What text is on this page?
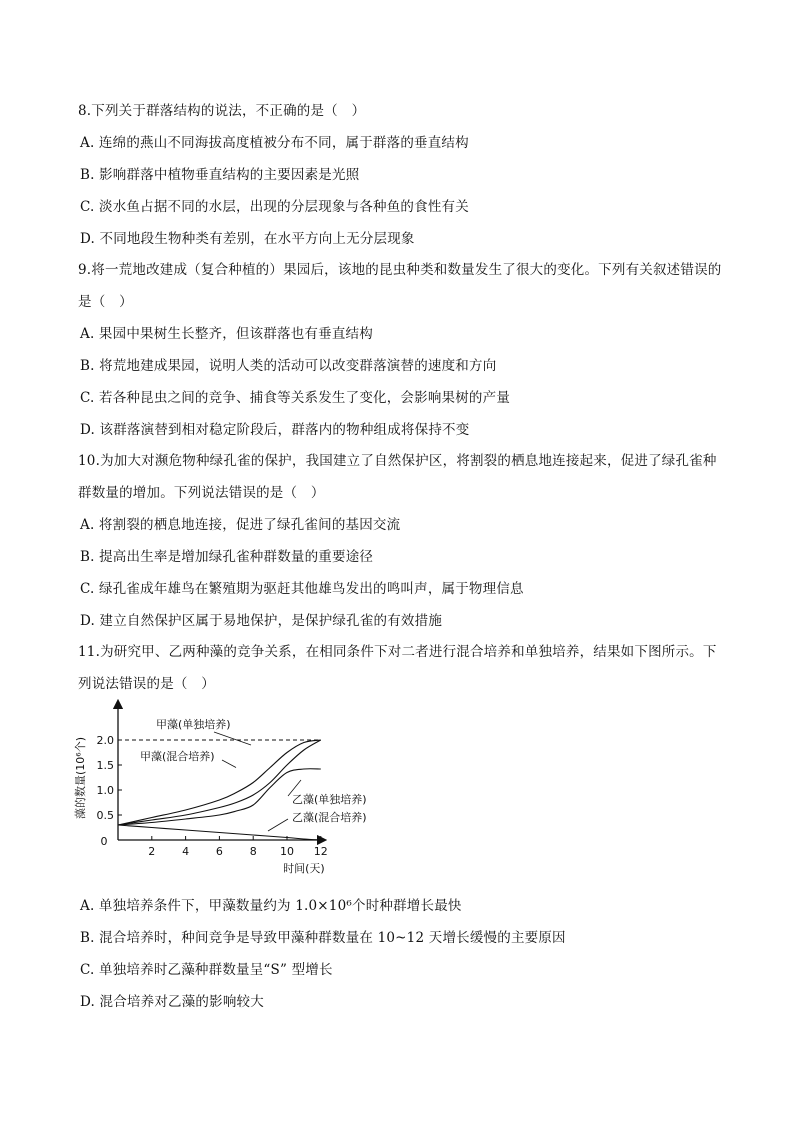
8.下列关于群落结构的说法，不正确的是（　）
A. 连绵的燕山不同海拔高度植被分布不同，属于群落的垂直结构
B. 影响群落中植物垂直结构的主要因素是光照
C. 淡水鱼占据不同的水层，出现的分层现象与各种鱼的食性有关
D. 不同地段生物种类有差别，在水平方向上无分层现象
9.将一荒地改建成（复合种植的）果园后，该地的昆虫种类和数量发生了很大的变化。下列有关叙述错误的
是（　）
A. 果园中果树生长整齐，但该群落也有垂直结构
B. 将荒地建成果园，说明人类的活动可以改变群落演替的速度和方向
C. 若各种昆虫之间的竞争、捕食等关系发生了变化，会影响果树的产量
D. 该群落演替到相对稳定阶段后，群落内的物种组成将保持不变
10.为加大对濒危物种绿孔雀的保护，我国建立了自然保护区，将割裂的栖息地连接起来，促进了绿孔雀种
群数量的增加。下列说法错误的是（　）
A. 将割裂的栖息地连接，促进了绿孔雀间的基因交流
B. 提高出生率是增加绿孔雀种群数量的重要途径
C. 绿孔雀成年雄鸟在繁殖期为驱赶其他雄鸟发出的鸣叫声，属于物理信息
D. 建立自然保护区属于易地保护，是保护绿孔雀的有效措施
11.为研究甲、乙两种藻的竞争关系，在相同条件下对二者进行混合培养和单独培养，结果如下图所示。下
列说法错误的是（　）
2 4 6 8 10 12
0.5
1.0
1.5
2.0
0
时间(天)
藻的数量(10⁶个)
甲藻(单独培养)
甲藻(混合培养)
乙藻(单独培养)
乙藻(混合培养)
A. 单独培养条件下，甲藻数量约为 1.0×10⁶个时种群增长最快
B. 混合培养时，种间竞争是导致甲藻种群数量在 10~12 天增长缓慢的主要原因
C. 单独培养时乙藻种群数量呈“S” 型增长
D. 混合培养对乙藻的影响较大
